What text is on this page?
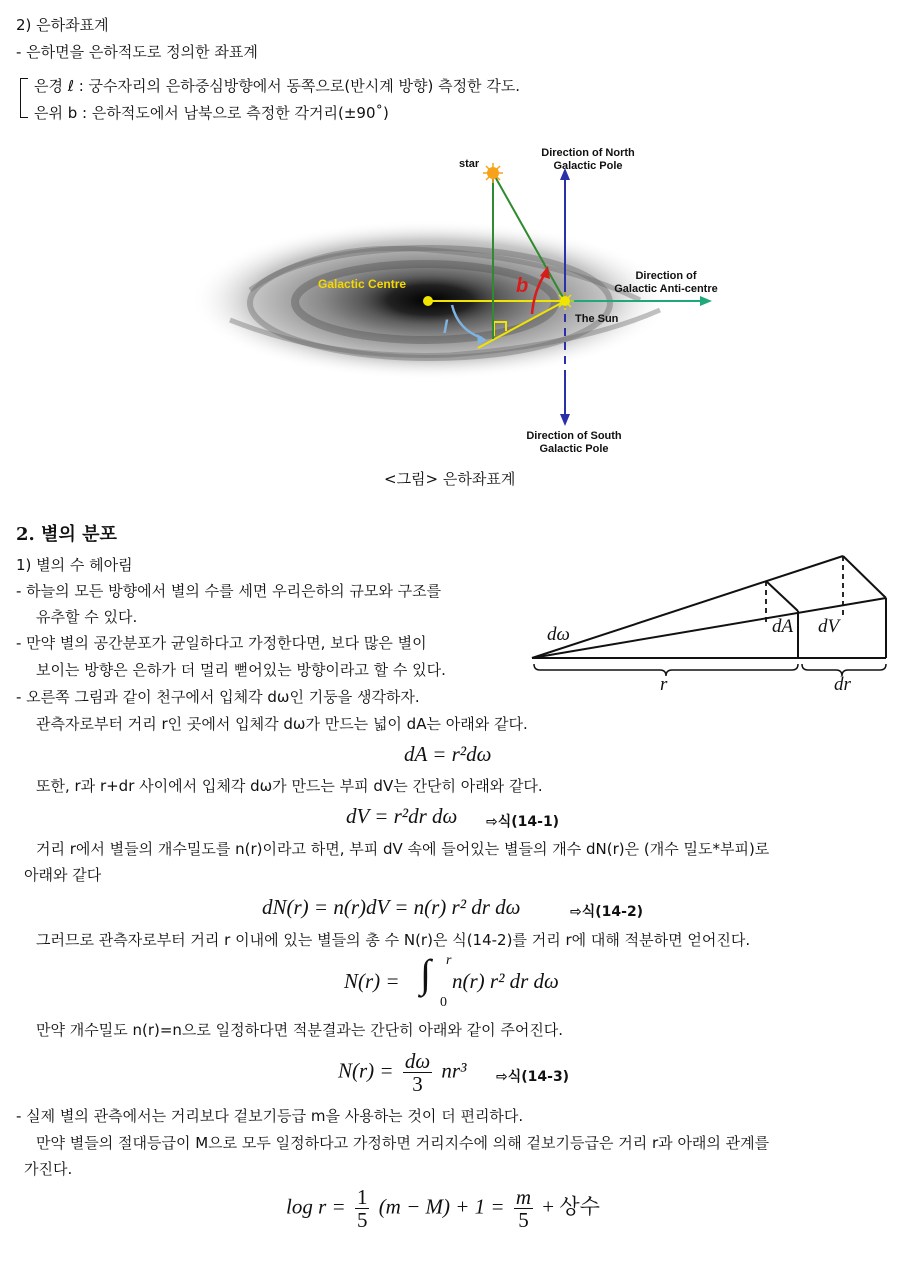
2) 은하좌표계
- 은하면을 은하적도로 정의한 좌표계
은경 ℓ : 궁수자리의 은하중심방향에서 동쪽으로(반시계 방향) 측정한 각도.
은위 b : 은하적도에서 남북으로 측정한 각거리(±90˚)
b
l
star
Direction of North
Galactic Pole
Direction of
Galactic Anti-centre
Galactic Centre
The Sun
Direction of South
Galactic Pole
<그림> 은하좌표계
2. 별의 분포
1) 별의 수 헤아림
- 하늘의 모든 방향에서 별의 수를 세면 우리은하의 규모와 구조를
유추할 수 있다.
- 만약 별의 공간분포가 균일하다고 가정한다면, 보다 많은 별이
보이는 방향은 은하가 더 멀리 뻗어있는 방향이라고 할 수 있다.
- 오른쪽 그림과 같이 천구에서 입체각 dω인 기둥을 생각하자.
관측자로부터 거리 r인 곳에서 입체각 dω가 만드는 넓이 dA는 아래와 같다.
dω	dA dV
r	dr
dA = r²dω
또한, r과 r+dr 사이에서 입체각 dω가 만드는 부피 dV는 간단히 아래와 같다.
dV = r²dr dω ⇨식(14-1)
거리 r에서 별들의 개수밀도를 n(r)이라고 하면, 부피 dV 속에 들어있는 별들의 개수 dN(r)은 (개수 밀도*부피)로
아래와 같다
dN(r) = n(r)dV = n(r) r² dr dω	⇨식(14-2)
그러므로 관측자로부터 거리 r 이내에 있는 별들의 총 수 N(r)은 식(14-2)를 거리 r에 대해 적분하면 얻어진다.
N(r) = ∫ r
0
n(r) r² dr dω
만약 개수밀도 n(r)=n으로 일정하다면 적분결과는 간단히 아래와 같이 주어진다.
$N(r) = \frac{d\omega}{3} nr^3$ ⇨식(14-3)
- 실제 별의 관측에서는 거리보다 겉보기등급 m을 사용하는 것이 더 편리하다.
만약 별들의 절대등급이 M으로 모두 일정하다고 가정하면 거리지수에 의해 겉보기등급은 거리 r과 아래의 관계를
가진다.
$\log r = \frac{1}{5} (m - M) + 1 = \frac{m}{5}$ + 상수
